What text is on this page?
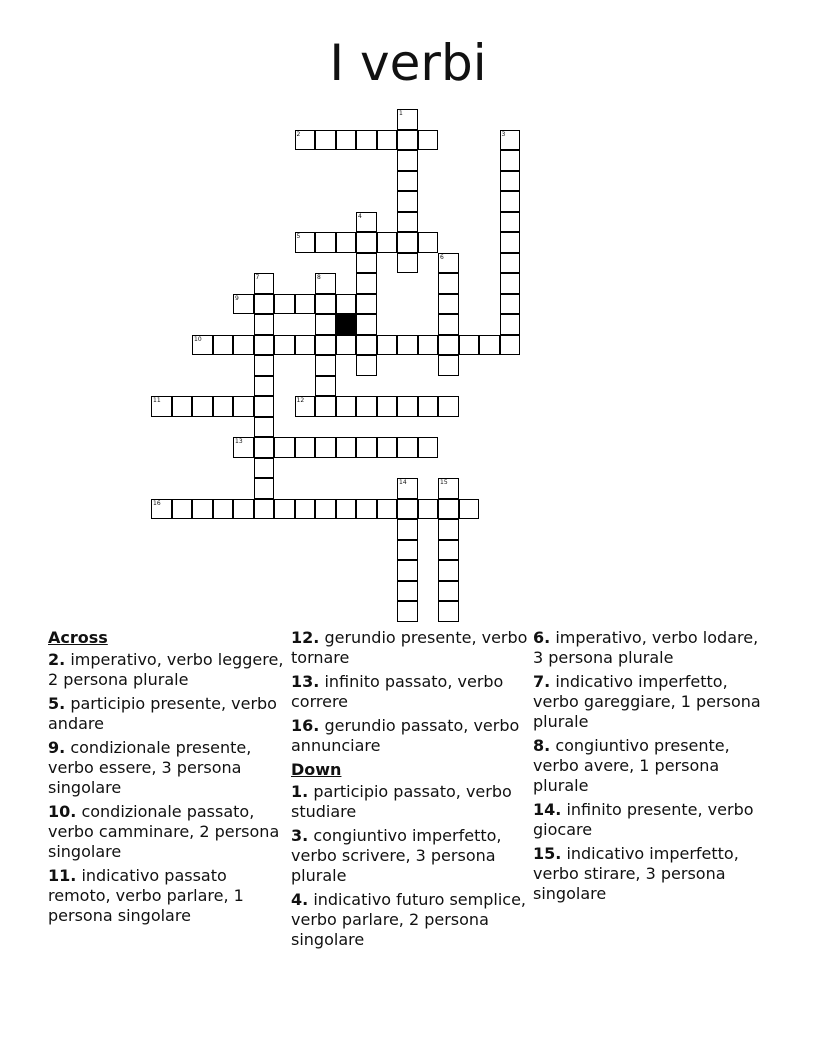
I verbi
2
5
9
10
11	12
13
16
1
3
4
6
7	8
14	15
Across
2. imperativo, verbo leggere, 2 persona plurale
5. participio presente, verbo andare
9. condizionale presente, verbo essere, 3 persona singolare
10. condizionale passato, verbo camminare, 2 persona singolare
11. indicativo passato remoto, verbo parlare, 1 persona singolare
12. gerundio presente, verbo tornare
13. infinito passato, verbo correre
16. gerundio passato, verbo annunciare
Down
1. participio passato, verbo studiare
3. congiuntivo imperfetto, verbo scrivere, 3 persona plurale
4. indicativo futuro semplice, verbo parlare, 2 persona singolare
6. imperativo, verbo lodare, 3 persona plurale
7. indicativo imperfetto, verbo gareggiare, 1 persona plurale
8. congiuntivo presente, verbo avere, 1 persona plurale
14. infinito presente, verbo giocare
15. indicativo imperfetto, verbo stirare, 3 persona singolare
